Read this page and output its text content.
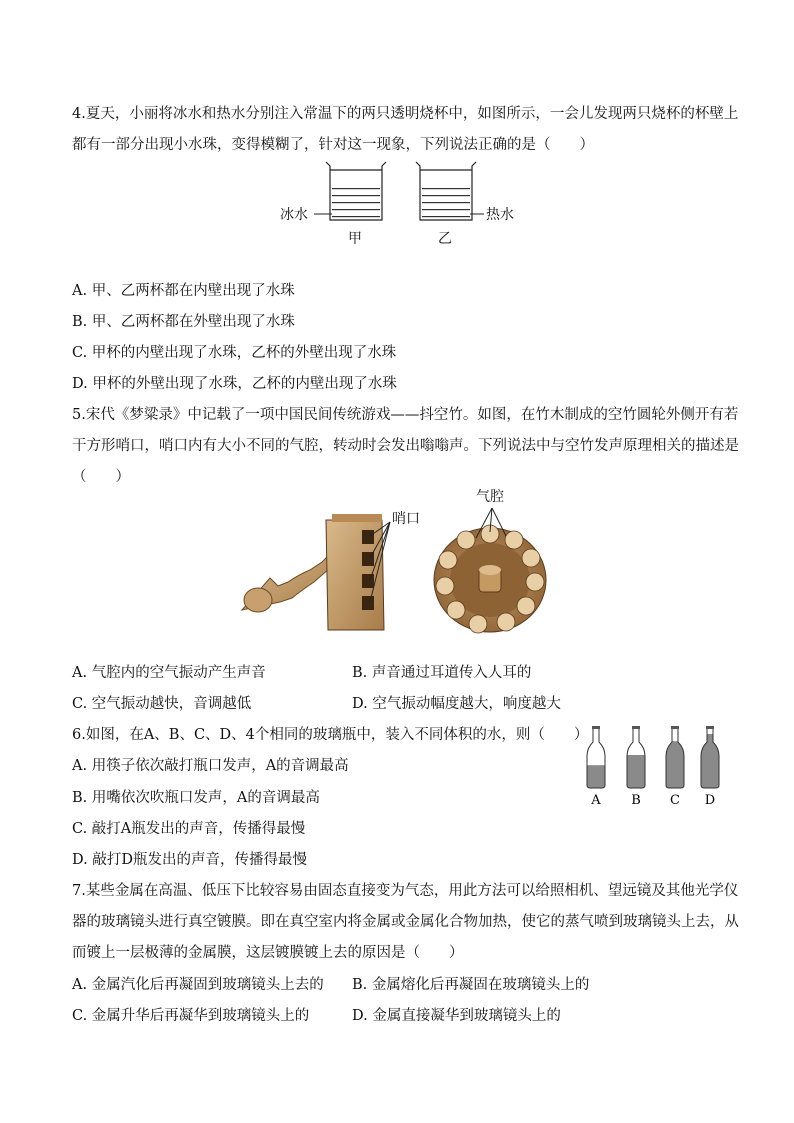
4.夏天，小丽将冰水和热水分别注入常温下的两只透明烧杯中，如图所示，一会儿发现两只烧杯的杯壁上
都有一部分出现小水珠，变得模糊了，针对这一现象，下列说法正确的是（　　）
冰水	热水
甲	乙
A. 甲、乙两杯都在内壁出现了水珠
B. 甲、乙两杯都在外壁出现了水珠
C. 甲杯的内壁出现了水珠，乙杯的外壁出现了水珠
D. 甲杯的外壁出现了水珠，乙杯的内壁出现了水珠
5.宋代《梦粱录》中记载了一项中国民间传统游戏——抖空竹。如图，在竹木制成的空竹圆轮外侧开有若
干方形哨口，哨口内有大小不同的气腔，转动时会发出嗡嗡声。下列说法中与空竹发声原理相关的描述是
（　　）
哨口
气腔
A. 气腔内的空气振动产生声音	B. 声音通过耳道传入人耳的
C. 空气振动越快，音调越低	D. 空气振动幅度越大，响度越大
6.如图，在A、B、C、D、4个相同的玻璃瓶中，装入不同体积的水，则（　　）
A. 用筷子依次敲打瓶口发声，A的音调最高
B. 用嘴依次吹瓶口发声，A的音调最高
C. 敲打A瓶发出的声音，传播得最慢
D. 敲打D瓶发出的声音，传播得最慢
A B C D
7.某些金属在高温、低压下比较容易由固态直接变为气态，用此方法可以给照相机、望远镜及其他光学仪
器的玻璃镜头进行真空镀膜。即在真空室内将金属或金属化合物加热，使它的蒸气喷到玻璃镜头上去，从
而镀上一层极薄的金属膜，这层镀膜镀上去的原因是（　　）
A. 金属汽化后再凝固到玻璃镜头上去的 B. 金属熔化后再凝固在玻璃镜头上的
C. 金属升华后再凝华到玻璃镜头上的	D. 金属直接凝华到玻璃镜头上的
